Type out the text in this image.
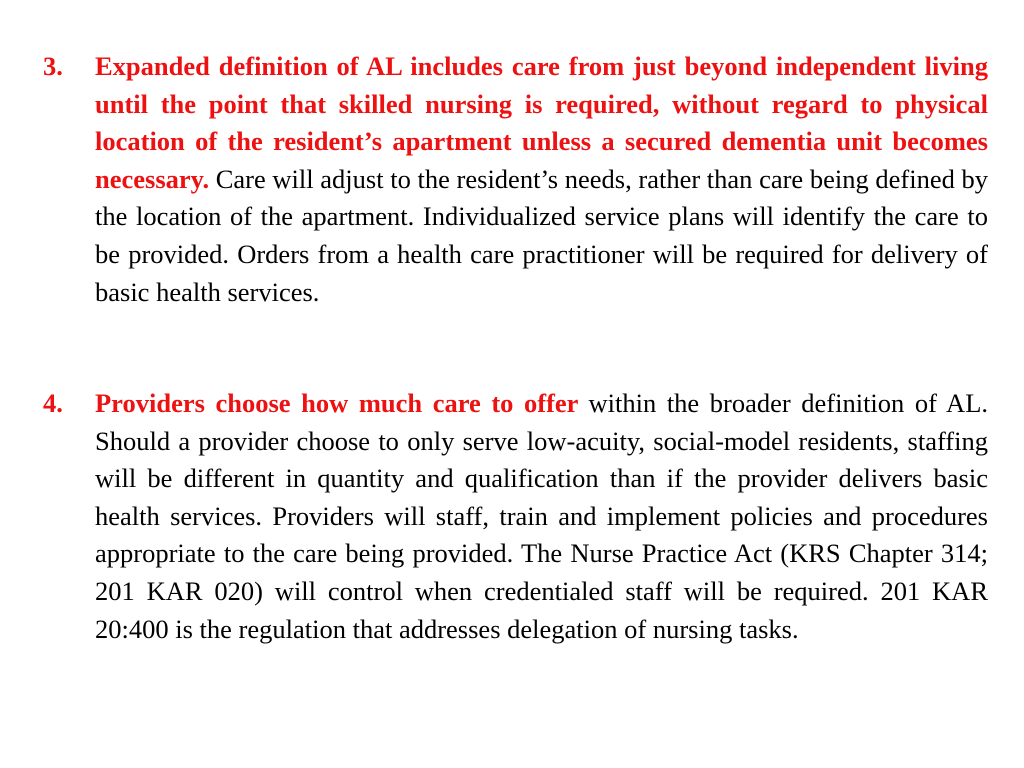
3. Expanded definition of AL includes care from just beyond independent living until the point that skilled nursing is required, without regard to physical location of the resident’s apartment unless a secured dementia unit becomes necessary. Care will adjust to the resident’s needs, rather than care being defined by the location of the apartment. Individualized service plans will identify the care to be provided. Orders from a health care practitioner will be required for delivery of basic health services.
4. Providers choose how much care to offer within the broader definition of AL. Should a provider choose to only serve low-acuity, social-model residents, staffing will be different in quantity and qualification than if the provider delivers basic health services. Providers will staff, train and implement policies and procedures appropriate to the care being provided. The Nurse Practice Act (KRS Chapter 314; 201 KAR 020) will control when credentialed staff will be required. 201 KAR 20:400 is the regulation that addresses delegation of nursing tasks.
